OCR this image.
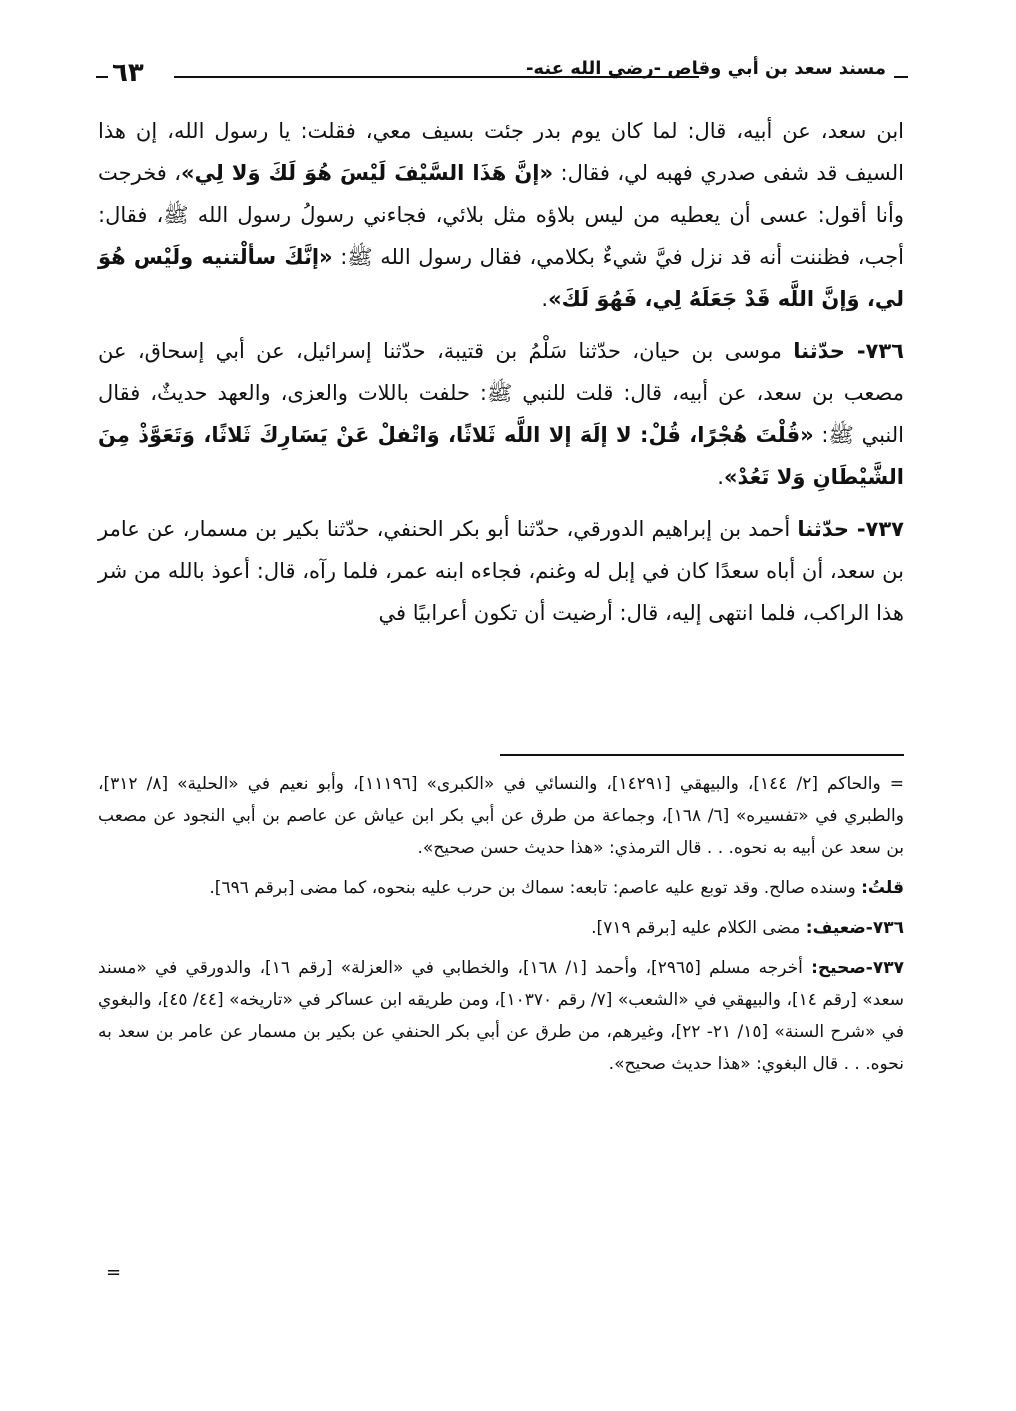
٦٣	مسند سعد بن أبي وقاص -رضي الله عنه-

ابن سعد، عن أبيه، قال: لما كان يوم بدر جئت بسيف معي، فقلت: يا رسول الله، إن هذا السيف قد شفى صدري فهبه لي، فقال: «إنَّ هَذَا السَّيْفَ لَيْسَ هُوَ لَكَ وَلا لِي»، فخرجت وأنا أقول: عسى أن يعطيه من ليس بلاؤه مثل بلائي، فجاءني رسولُ رسول الله ﷺ، فقال: أجب، فظننت أنه قد نزل فيَّ شيءٌ بكلامي، فقال رسول الله ﷺ: «إنَّكَ سألْتنيه ولَيْس هُوَ لي، وَإنَّ اللَّه قَدْ جَعَلَهُ لِي، فَهُوَ لَكَ».

٧٣٦- حدّثنا موسى بن حيان، حدّثنا سَلْمُ بن قتيبة، حدّثنا إسرائيل، عن أبي إسحاق، عن مصعب بن سعد، عن أبيه، قال: قلت للنبي ﷺ: حلفت باللات والعزى، والعهد حديثٌ، فقال النبي ﷺ: «قُلْتَ هُجْرًا، قُلْ: لا إلَهَ إلا اللَّه ثَلاثًا، وَاتْفلْ عَنْ يَسَارِكَ ثَلاثًا، وَتَعَوَّذْ مِنَ الشَّيْطَانِ وَلا تَعُدْ».

٧٣٧- حدّثنا أحمد بن إبراهيم الدورقي، حدّثنا أبو بكر الحنفي، حدّثنا بكير بن مسمار، عن عامر بن سعد، أن أباه سعدًا كان في إبل له وغنم، فجاءه ابنه عمر، فلما رآه، قال: أعوذ بالله من شر هذا الراكب، فلما انتهى إليه، قال: أرضيت أن تكون أعرابيًا في

= والحاكم [٢/ ١٤٤]، والبيهقي [١٤٢٩١]، والنسائي في «الكبرى» [١١١٩٦]، وأبو نعيم في «الحلية» [٨/ ٣١٢]، والطبري في «تفسيره» [٦/ ١٦٨]، وجماعة من طرق عن أبي بكر ابن عياش عن عاصم بن أبي النجود عن مصعب بن سعد عن أبيه به نحوه. . . قال الترمذي: «هذا حديث حسن صحيح».

قلتُ: وسنده صالح. وقد توبع عليه عاصم: تابعه: سماك بن حرب عليه بنحوه، كما مضى [برقم ٦٩٦].

٧٣٦-ضعيف: مضى الكلام عليه [برقم ٧١٩].

٧٣٧-صحيح: أخرجه مسلم [٢٩٦٥]، وأحمد [١/ ١٦٨]، والخطابي في «العزلة» [رقم ١٦]، والدورقي في «مسند سعد» [رقم ١٤]، والبيهقي في «الشعب» [٧/ رقم ١٠٣٧٠]، ومن طريقه ابن عساكر في «تاريخه» [٤٤/ ٤٥]، والبغوي في «شرح السنة» [١٥/ ٢١- ٢٢]، وغيرهم، من طرق عن أبي بكر الحنفي عن بكير بن مسمار عن عامر بن سعد به نحوه. . . قال البغوي: «هذا حديث صحيح».

=
